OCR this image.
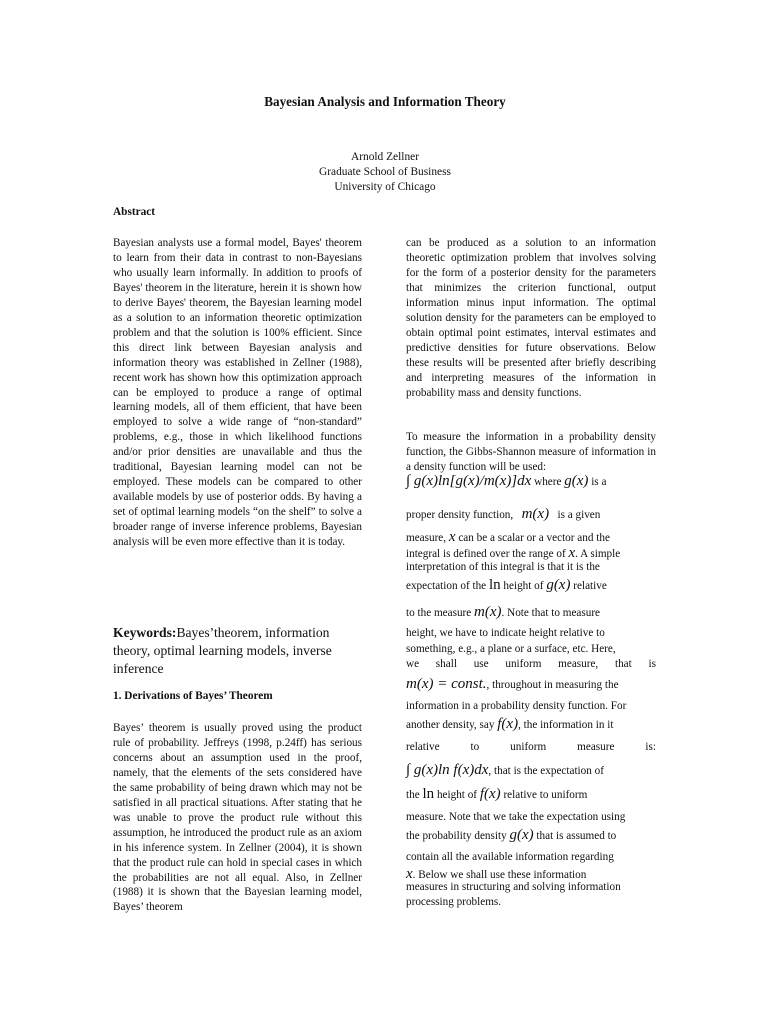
Bayesian Analysis and Information Theory
Arnold Zellner
Graduate School of Business
University of Chicago
Abstract

Bayesian analysts use a formal model, Bayes' theorem to learn from their data in contrast to non-Bayesians who usually learn informally. In addition to proofs of Bayes' theorem in the literature, herein it is shown how to derive Bayes' theorem, the Bayesian learning model as a solution to an information theoretic optimization problem and that the solution is 100% efficient. Since this direct link between Bayesian analysis and information theory was established in Zellner (1988), recent work has shown how this optimization approach can be employed to produce a range of optimal learning models, all of them efficient, that have been employed to solve a wide range of “non-standard” problems, e.g., those in which likelihood functions and/or prior densities are unavailable and thus the traditional, Bayesian learning model can not be employed. These models can be compared to other available models by use of posterior odds. By having a set of optimal learning models “on the shelf” to solve a broader range of inverse inference problems, Bayesian analysis will be even more effective than it is today.

Keywords:Bayes’theorem, information theory, optimal learning models, inverse inference
1. Derivations of Bayes’ Theorem
Bayes’ theorem is usually proved using the product rule of probability. Jeffreys (1998, p.24ff) has serious concerns about an assumption used in the proof, namely, that the elements of the sets considered have the same probability of being drawn which may not be satisfied in all practical situations. After stating that he was unable to prove the product rule without this assumption, he introduced the product rule as an axiom in his inference system. In Zellner (2004), it is shown that the product rule can hold in special cases in which the probabilities are not all equal. Also, in Zellner (1988) it is shown that the Bayesian learning model, Bayes’ theorem

can be produced as a solution to an information theoretic optimization problem that involves solving for the form of a posterior density for the parameters that minimizes the criterion functional, output information minus input information. The optimal solution density for the parameters can be employed to obtain optimal point estimates, interval estimates and predictive densities for future observations. Below these results will be presented after briefly describing and interpreting measures of the information in probability mass and density functions.

To measure the information in a probability density function, the Gibbs-Shannon measure of information in a density function will be used:

∫ g(x)ln[g(x)/m(x)]dx where g(x) is a
proper density function, m(x) is a given
measure, x can be a scalar or a vector and the
integral is defined over the range of x. A simple
interpretation of this integral is that it is the
expectation of the ln height of g(x) relative
to the measure m(x). Note that to measure
height, we have to indicate height relative to
something, e.g., a plane or a surface, etc. Here,
we shall use uniform measure, that is
m(x) = const., throughout in measuring the
information in a probability density function. For
another density, say f(x), the information in it
relative	to	uniform	measure	is:
∫ g(x)ln f(x)dx, that is the expectation of
the ln height of f(x) relative to uniform
measure. Note that we take the expectation using
the probability density g(x) that is assumed to
contain all the available information regarding
x. Below we shall use these information
measures in structuring and solving information
processing problems.
